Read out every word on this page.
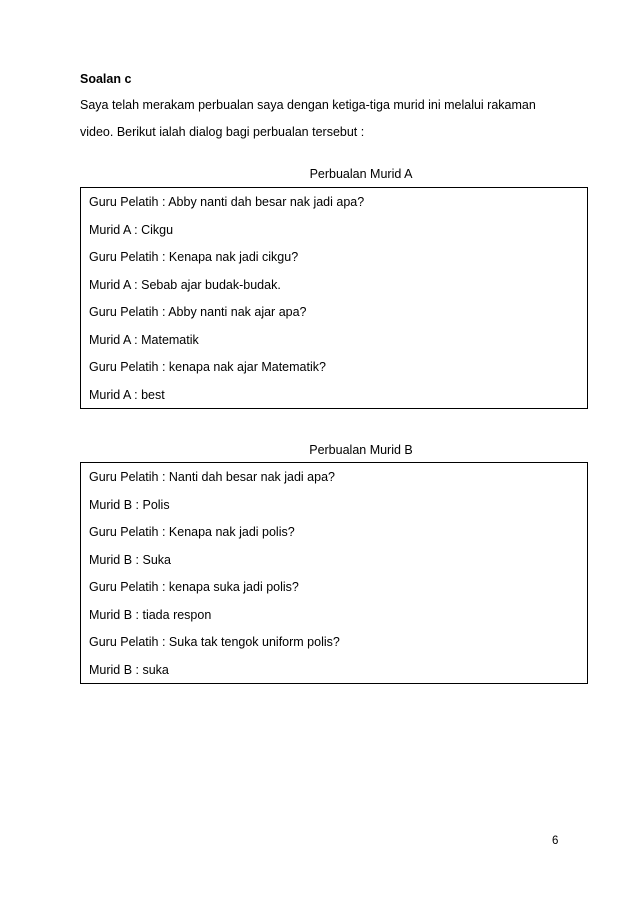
Soalan c
Saya telah merakam perbualan saya dengan ketiga-tiga murid ini melalui rakaman
video. Berikut ialah dialog bagi perbualan tersebut :
Perbualan Murid A
Guru Pelatih : Abby nanti dah besar nak jadi apa?
Murid A : Cikgu
Guru Pelatih : Kenapa nak jadi cikgu?
Murid A : Sebab ajar budak-budak.
Guru Pelatih : Abby nanti nak ajar apa?
Murid A : Matematik
Guru Pelatih : kenapa nak ajar Matematik?
Murid A : best
Perbualan Murid B
Guru Pelatih : Nanti dah besar nak jadi apa?
Murid B : Polis
Guru Pelatih : Kenapa nak jadi polis?
Murid B : Suka
Guru Pelatih : kenapa suka jadi polis?
Murid B : tiada respon
Guru Pelatih : Suka tak tengok uniform polis?
Murid B : suka
6
